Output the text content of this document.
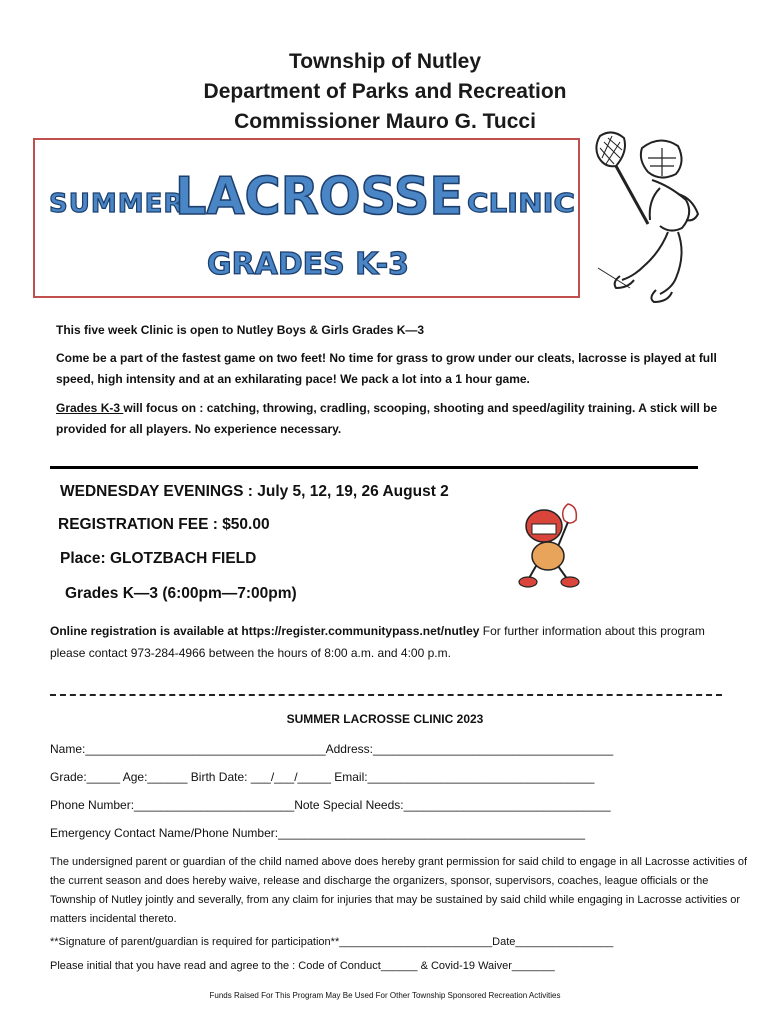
Township of Nutley
Department of Parks and Recreation
Commissioner Mauro G. Tucci
SUMMER
LACROSSE CLINIC
GRADES K-3
This five week Clinic is open to Nutley Boys & Girls Grades K—3
Come be a part of the fastest game on two feet! No time for grass to grow under our cleats, lacrosse is played at full speed, high intensity and at an exhilarating pace! We pack a lot into a 1 hour game.
Grades K-3 will focus on : catching, throwing, cradling, scooping, shooting and speed/agility training. A stick will be provided for all players. No experience necessary.
WEDNESDAY EVENINGS : July 5, 12, 19, 26 August 2
REGISTRATION FEE : $50.00
Place: GLOTZBACH FIELD
Grades K—3 (6:00pm—7:00pm)
Online registration is available at https://register.communitypass.net/nutley For further information about this program please contact 973-284-4966 between the hours of 8:00 a.m. and 4:00 p.m.
SUMMER LACROSSE CLINIC 2023
Name:____________________________________Address:____________________________________
Grade:_____ Age:______ Birth Date: ___/___/_____ Email:__________________________________
Phone Number:________________________Note Special Needs:_______________________________
Emergency Contact Name/Phone Number:______________________________________________
The undersigned parent or guardian of the child named above does hereby grant permission for said child to engage in all Lacrosse activities of the current season and does hereby waive, release and discharge the organizers, sponsor, supervisors, coaches, league officials or the Township of Nutley jointly and severally, from any claim for injuries that may be sustained by said child while engaging in Lacrosse activities or matters incidental thereto.
**Signature of parent/guardian is required for participation**_________________________Date________________
Please initial that you have read and agree to the : Code of Conduct______ & Covid-19 Waiver_______
Funds Raised For This Program May Be Used For Other Township Sponsored Recreation Activities
